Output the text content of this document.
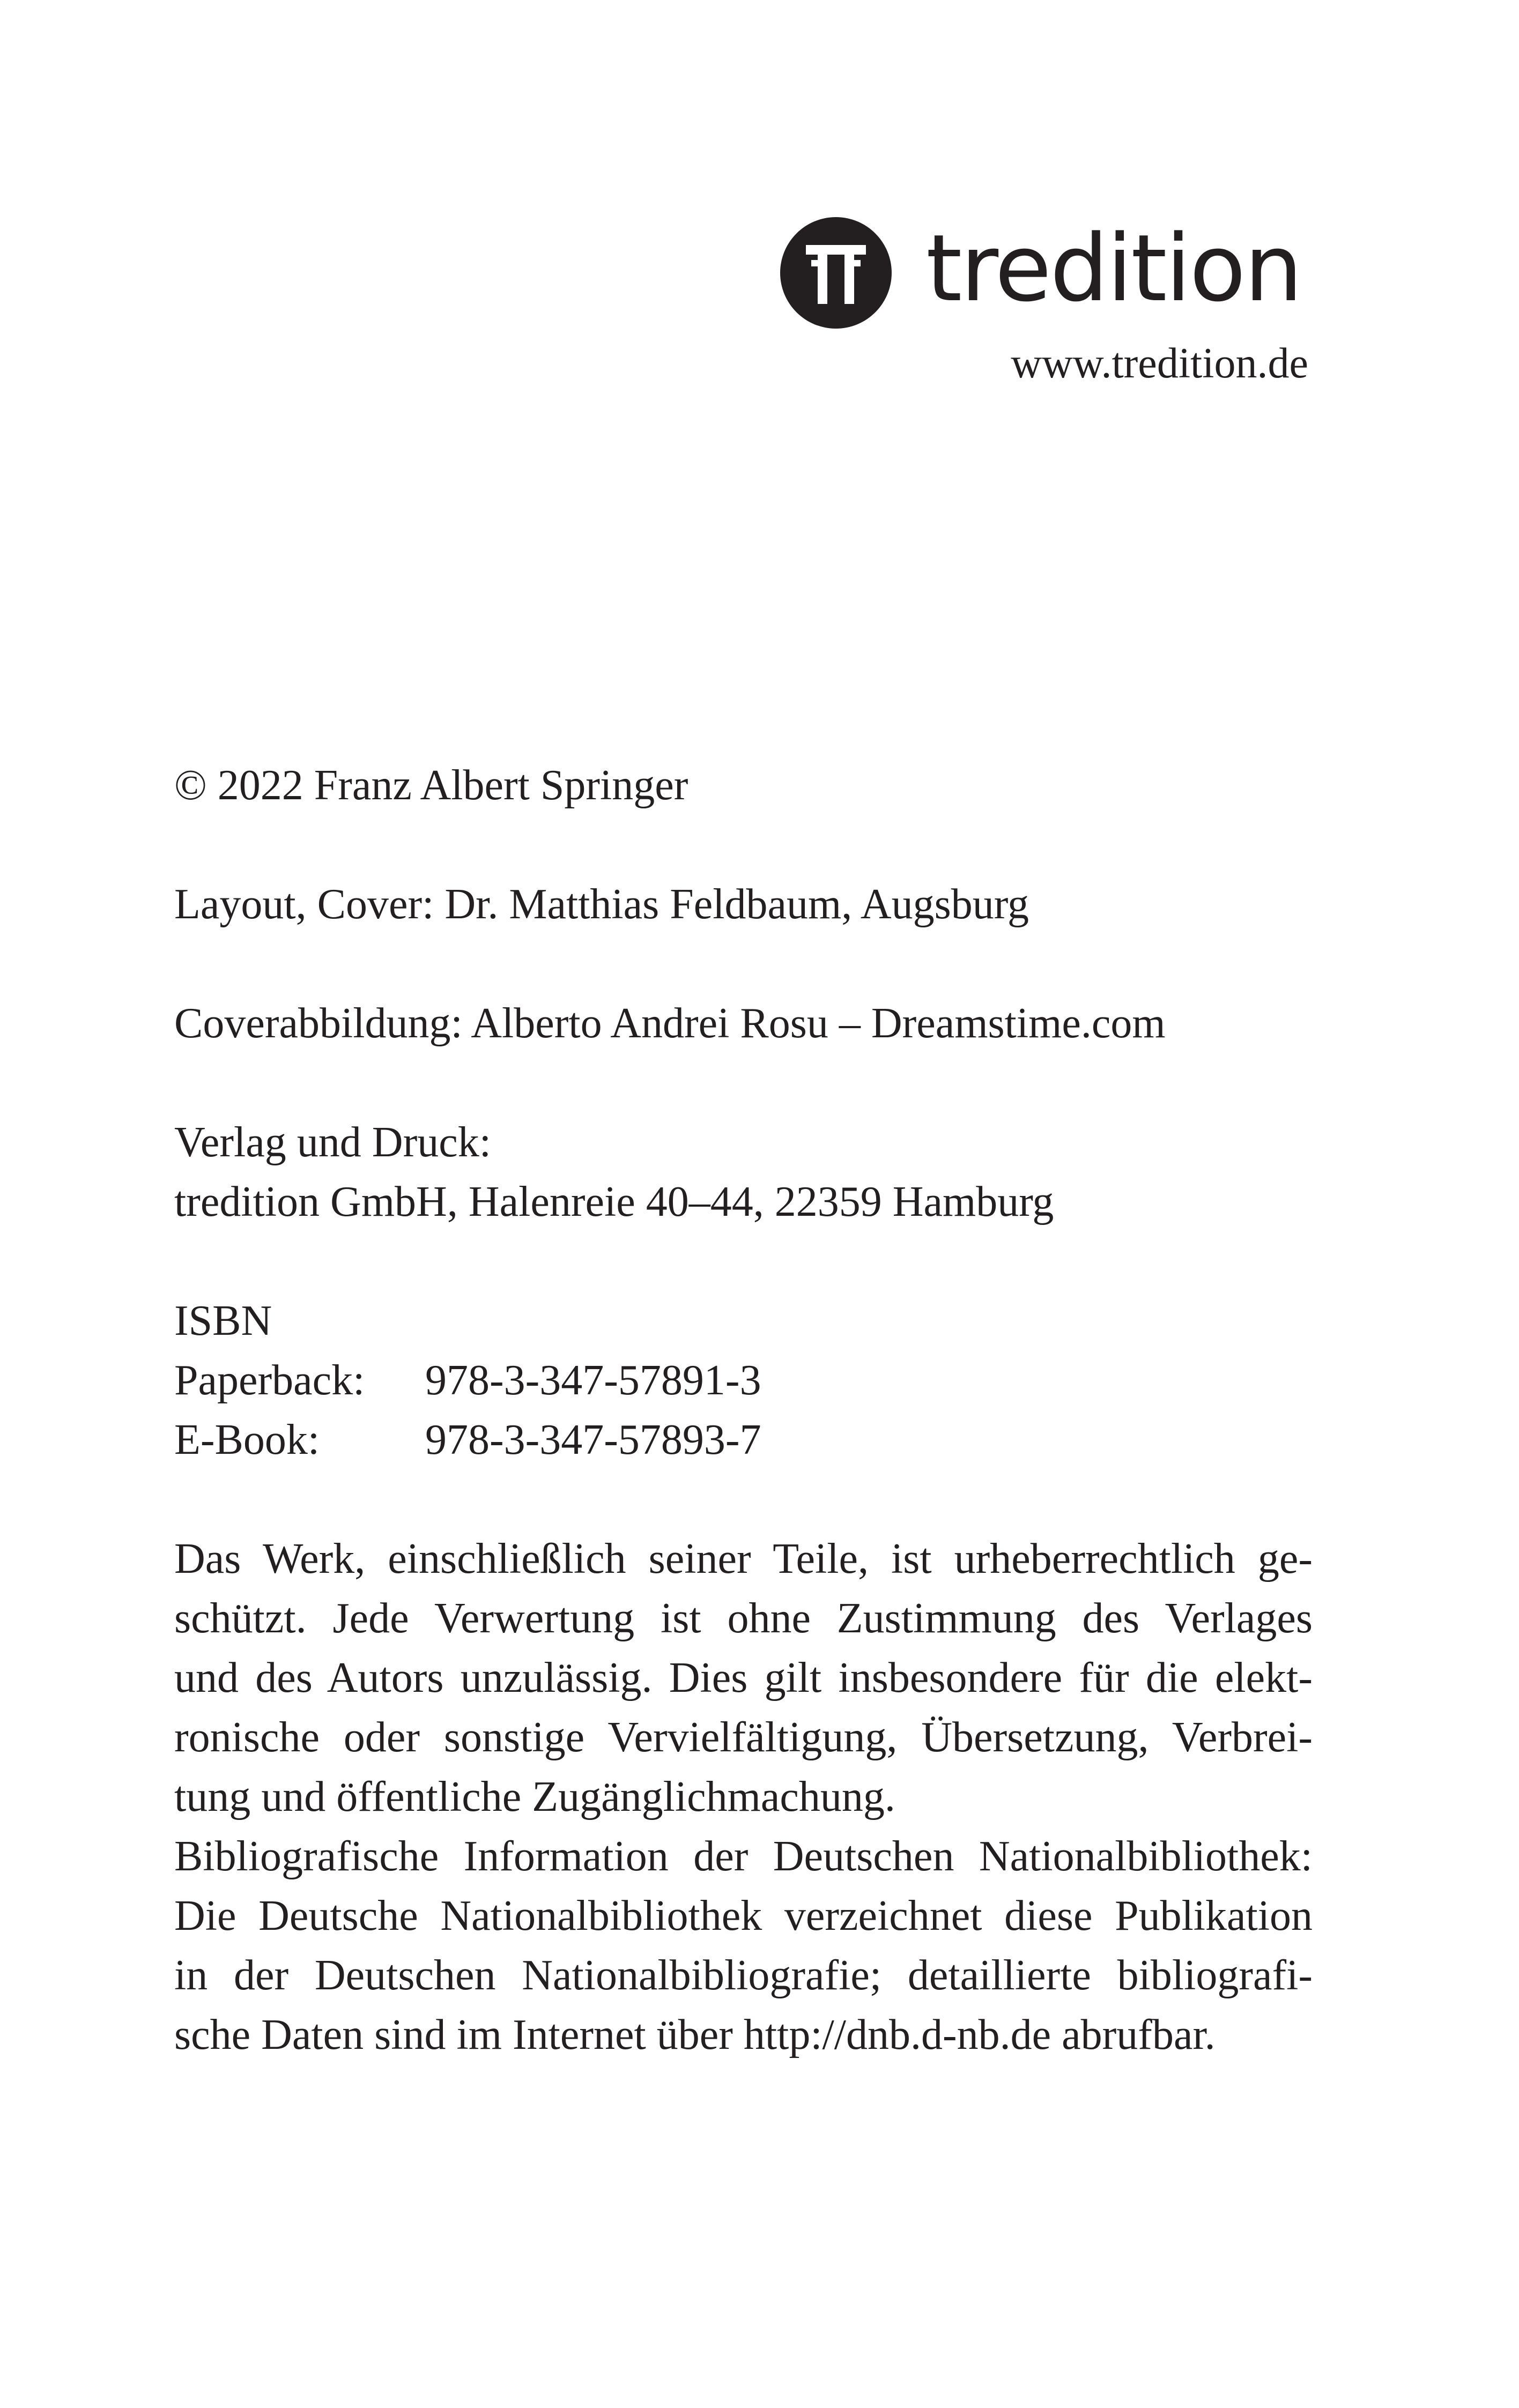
tredition
www.tredition.de
© 2022 Franz Albert Springer
Layout, Cover: Dr. Matthias Feldbaum, Augsburg
Coverabbildung: Alberto Andrei Rosu – Dreamstime.com
Verlag und Druck:
tredition GmbH, Halenreie 40–44, 22359 Hamburg
ISBN
Paperback:	978-3-347-57891-3
E-Book:	978-3-347-57893-7
Das Werk, einschließlich seiner Teile, ist urheberrechtlich ge-
schützt. Jede Verwertung ist ohne Zustimmung des Verlages
und des Autors unzulässig. Dies gilt insbesondere für die elekt-
ronische oder sonstige Vervielfältigung, Übersetzung, Verbrei-
tung und öffentliche Zugänglichmachung.
Bibliografische Information der Deutschen Nationalbibliothek:
Die Deutsche Nationalbibliothek verzeichnet diese Publikation
in der Deutschen Nationalbibliografie; detaillierte bibliografi-
sche Daten sind im Internet über http://dnb.d-nb.de abrufbar.
